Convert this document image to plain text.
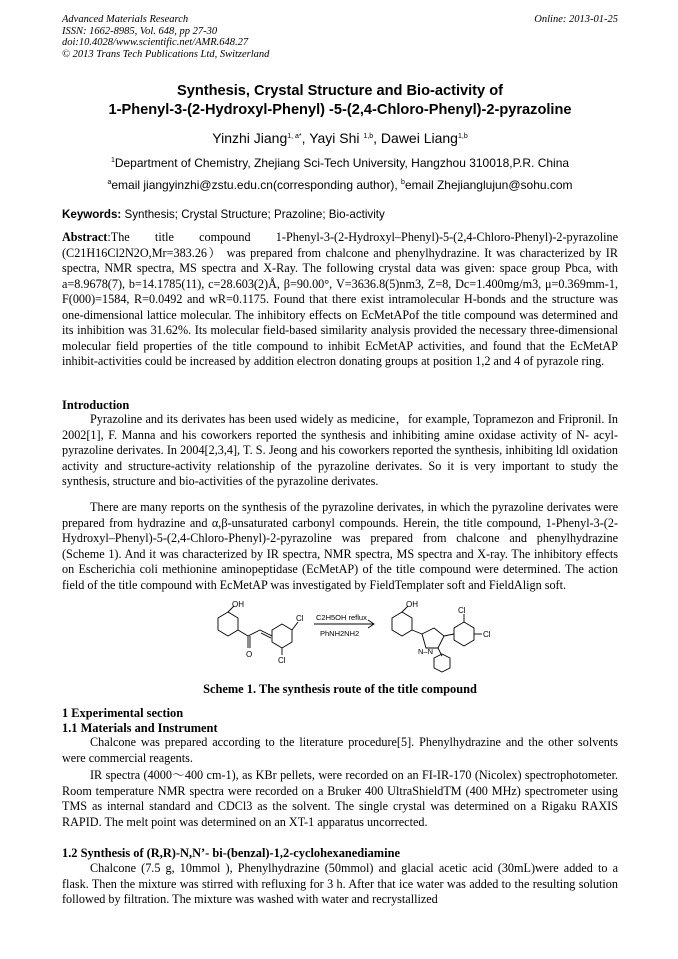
Advanced Materials Research
ISSN: 1662-8985, Vol. 648, pp 27-30
doi:10.4028/www.scientific.net/AMR.648.27
© 2013 Trans Tech Publications Ltd, Switzerland
Online: 2013-01-25
Synthesis, Crystal Structure and Bio-activity of
1-Phenyl-3-(2-Hydroxyl-Phenyl) -5-(2,4-Chloro-Phenyl)-2-pyrazoline
Yinzhi Jiang$^{1, a*}$, Yayi Shi $^{1,b}$, Dawei Liang$^{1,b}$
$^1$Department of Chemistry, Zhejiang Sci-Tech University, Hangzhou 310018,P.R. China
$^a$email jiangyinzhi@zstu.edu.cn(corresponding author), $^b$email Zhejianglujun@sohu.com
Keywords: Synthesis; Crystal Structure; Prazoline; Bio-activity
Abstract:The title compound 1-Phenyl-3-(2-Hydroxyl–Phenyl)-5-(2,4-Chloro-Phenyl)-2-pyrazoline (C21H16Cl2N2O,Mr=383.26） was prepared from chalcone and phenylhydrazine. It was characterized by IR spectra, NMR spectra, MS spectra and X-Ray. The following crystal data was given: space group Pbca, with a=8.9678(7), b=14.1785(11), c=28.603(2)Å, β=90.00°, V=3636.8(5)nm3, Z=8, Dc=1.400mg/m3, μ=0.369mm-1, F(000)=1584, R=0.0492 and wR=0.1175. Found that there exist intramolecular H-bonds and the structure was one-dimensional lattice molecular. The inhibitory effects on EcMetAPof the title compound was determined and its inhibition was 31.62%. Its molecular field-based similarity analysis provided the necessary three-dimensional molecular field properties of the title compound to inhibit EcMetAP activities, and found that the EcMetAP inhibit-activities could be increased by addition electron donating groups at position 1,2 and 4 of pyrazole ring.
Introduction
Pyrazoline and its derivates has been used widely as medicine，for example, Topramezon and Fripronil. In 2002[1], F. Manna and his coworkers reported the synthesis and inhibiting amine oxidase activity of N- acyl-pyrazoline derivates. In 2004[2,3,4], T. S. Jeong and his coworkers reported the synthesis, inhibiting ldl oxidation activity and structure-activity relationship of the pyrazoline derivates. So it is very important to study the synthesis, structure and bio-activities of the pyrazoline derivates.
There are many reports on the synthesis of the pyrazoline derivates, in which the pyrazoline derivates were prepared from hydrazine and α,β-unsaturated carbonyl compounds. Herein, the title compound, 1-Phenyl-3-(2-Hydroxyl–Phenyl)-5-(2,4-Chloro-Phenyl)-2-pyrazoline was prepared from chalcone and phenylhydrazine (Scheme 1). And it was characterized by IR spectra, NMR spectra, MS spectra and X-ray. The inhibitory effects on Escherichia coli methionine aminopeptidase (EcMetAP) of the title compound were determined. The action field of the title compound with EcMetAP was investigated by FieldTemplater soft and FieldAlign soft.
OH
O
Cl
Cl
C2H5OH reflux
PhNH2NH2
OH
Cl
Cl
N–N
Scheme 1. The synthesis route of the title compound
1 Experimental section
1.1 Materials and Instrument
Chalcone was prepared according to the literature procedure[5]. Phenylhydrazine and the other solvents were commercial reagents.
IR spectra (4000～400 cm-1), as KBr pellets, were recorded on an FI-IR-170 (Nicolex) spectrophotometer. Room temperature NMR spectra were recorded on a Bruker 400 UltraShieldTM (400 MHz) spectrometer using TMS as internal standard and CDCl3 as the solvent. The single crystal was determined on a Rigaku RAXIS RAPID. The melt point was determined on an XT-1 apparatus uncorrected.
1.2 Synthesis of (R,R)-N,N’- bi-(benzal)-1,2-cyclohexanediamine
Chalcone (7.5 g, 10mmol ), Phenylhydrazine (50mmol) and glacial acetic acid (30mL)were added to a flask. Then the mixture was stirred with refluxing for 3 h. After that ice water was added to the resulting solution followed by filtration. The mixture was washed with water and recrystallized
